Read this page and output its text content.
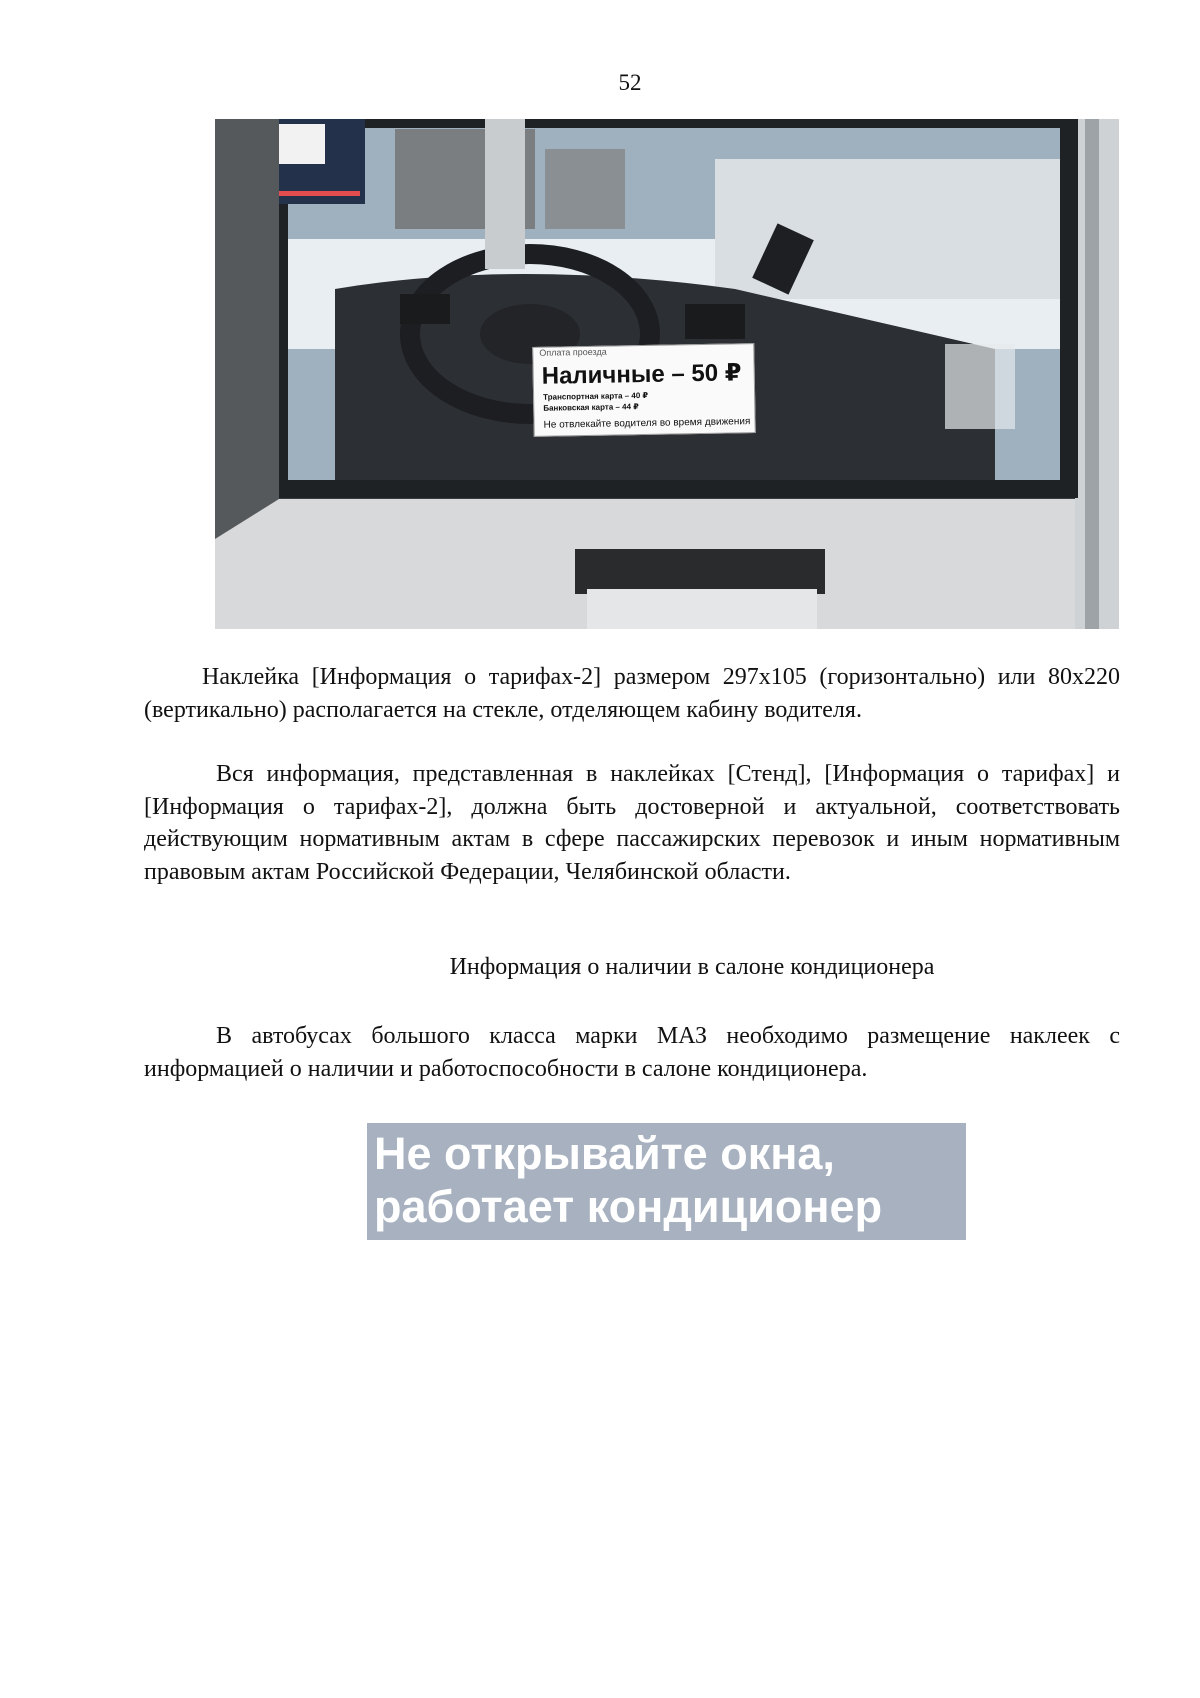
52
Оплата проезда
Наличные – 50 ₽
Транспортная карта – 40 ₽
Банковская карта – 44 ₽
Не отвлекайте водителя во время движения

Наклейка [Информация о тарифах-2] размером 297x105 (горизонтально) или 80x220 (вертикально) располагается на стекле, отделяющем кабину водителя.

Вся информация, представленная в наклейках [Стенд], [Информация о тарифах] и [Информация о тарифах-2], должна быть достоверной и актуальной, соответствовать действующим нормативным актам в сфере пассажирских перевозок и иным нормативным правовым актам Российской Федерации, Челябинской области.

Информация о наличии в салоне кондиционера

В автобусах большого класса марки МАЗ необходимо размещение наклеек с информацией о наличии и работоспособности в салоне кондиционера.

Не открывайте окна,
работает кондиционер
